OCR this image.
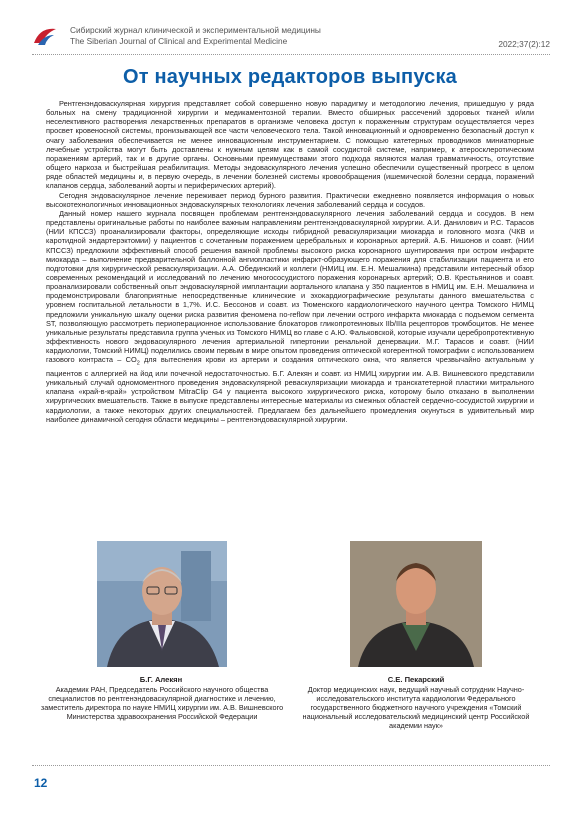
Сибирский журнал клинической и экспериментальной медицины
The Siberian Journal of Clinical and Experimental Medicine	2022;37(2):12
От научных редакторов выпуска

Рентгенэндоваскулярная хирургия представляет собой совершенно новую парадигму и методологию лечения, пришедшую у ряда больных на смену традиционной хирургии и медикаментозной терапии. Вместо обширных рассечений здоровых тканей и/или неселективного растворения лекарственных препаратов в организме человека доступ к пораженным структурам осуществляется через просвет кровеносной системы, пронизывающей все части человеческого тела. Такой инновационный и одновременно безопасный доступ к очагу заболевания обеспечивается не менее инновационным инструментарием. С помощью катетерных проводников миниатюрные лечебные устройства могут быть доставлены к нужным целям как в самой сосудистой системе, например, к атеросклеротическим поражениям артерий, так и в другие органы. Основными преимуществами этого подхода являются малая травматичность, отсутствие общего наркоза и быстрейшая реабилитация. Методы эндоваскулярного лечения успешно обеспечили существенный прогресс в целом ряде областей медицины и, в первую очередь, в лечении болезней системы кровообращения (ишемической болезни сердца, поражений клапанов сердца, заболеваний аорты и периферических артерий).

Сегодня эндоваскулярное лечение переживает период бурного развития. Практически ежедневно появляется информация о новых высокотехнологичных инновационных эндоваскулярных технологиях лечения заболеваний сердца и сосудов.

Данный номер нашего журнала посвящен проблемам рентгенэндоваскулярного лечения заболеваний сердца и сосудов. В нем представлены оригинальные работы по наиболее важным направлениям рентгенэндоваскулярной хирургии. А.И. Данилович и Р.С. Тарасов (НИИ КПССЗ) проанализировали факторы, определяющие исходы гибридной реваскуляризации миокарда и головного мозга (ЧКВ и каротидной эндартерэктомии) у пациентов с сочетанным поражением церебральных и коронарных артерий. А.Б. Нишонов и соавт. (НИИ КПССЗ) предложили эффективный способ решения важной проблемы высокого риска коронарного шунтирования при остром инфаркте миокарда – выполнение предварительной баллонной ангиопластики инфаркт-образующего поражения для стабилизации пациента и его подготовки для хирургической реваскуляризации. А.А. Обединский и коллеги (НМИЦ им. Е.Н. Мешалкина) представили интересный обзор современных рекомендаций и исследований по лечению многососудистого поражения коронарных артерий; О.В. Крестьянинов и соавт. проанализировали собственный опыт эндоваскулярной имплантации аортального клапана у 350 пациентов в НМИЦ им. Е.Н. Мешалкина и продемонстрировали благоприятные непосредственные клинические и эхокардиографические результаты данного вмешательства с уровнем госпитальной летальности в 1,7%. И.С. Бессонов и соавт. из Тюменского кардиологического научного центра Томского НИМЦ предложили уникальную шкалу оценки риска развития феномена no-reflow при лечении острого инфаркта миокарда с подъемом сегмента ST, позволяющую рассмотреть периоперационное использование блокаторов гликопротеиновых IIb/IIIa рецепторов тромбоцитов. Не менее уникальные результаты представила группа ученых из Томского НИМЦ во главе с А.Ю. Фальковской, которые изучали церебропротективную эффективность нового эндоваскулярного лечения артериальной гипертонии ренальной денервации. М.Г. Тарасов и соавт. (НИИ кардиологии, Томский НИМЦ) поделились своим первым в мире опытом проведения оптической когерентной томографии с использованием газового контраста – $CO_2$ для вытеснения крови из артерии и создания оптического окна, что является чрезвычайно актуальным у пациентов с аллергией на йод или почечной недостаточностью. Б.Г. Алекян и соавт. из НМИЦ хирургии им. А.В. Вишневского представили уникальный случай одномоментного проведения эндоваскулярной реваскуляризации миокарда и транскатетерной пластики митрального клапана «край-в-край» устройством MitraClip G4 у пациента высокого хирургического риска, которому было отказано в выполнении хирургических вмешательств. Также в выпуске представлены интересные материалы из смежных областей сердечно-сосудистой хирургии и кардиологии, а также некоторых других специальностей. Предлагаем без дальнейшего промедления окунуться в удивительный мир наиболее динамичной сегодня области медицины – рентгенэндоваскулярной хирургии.

Б.Г. Алекян
Академик РАН, Председатель Российского научного общества специалистов по рентгенэндоваскулярной диагностике и лечению, заместитель директора по науке НМИЦ хирургии им. А.В. Вишневского Министерства здравоохранения Российской Федерации
С.Е. Пекарский
Доктор медицинских наук, ведущий научный сотрудник Научно-исследовательского института кардиологии Федерального государственного бюджетного научного учреждения «Томский национальный исследовательский медицинский центр Российской академии наук»
12
